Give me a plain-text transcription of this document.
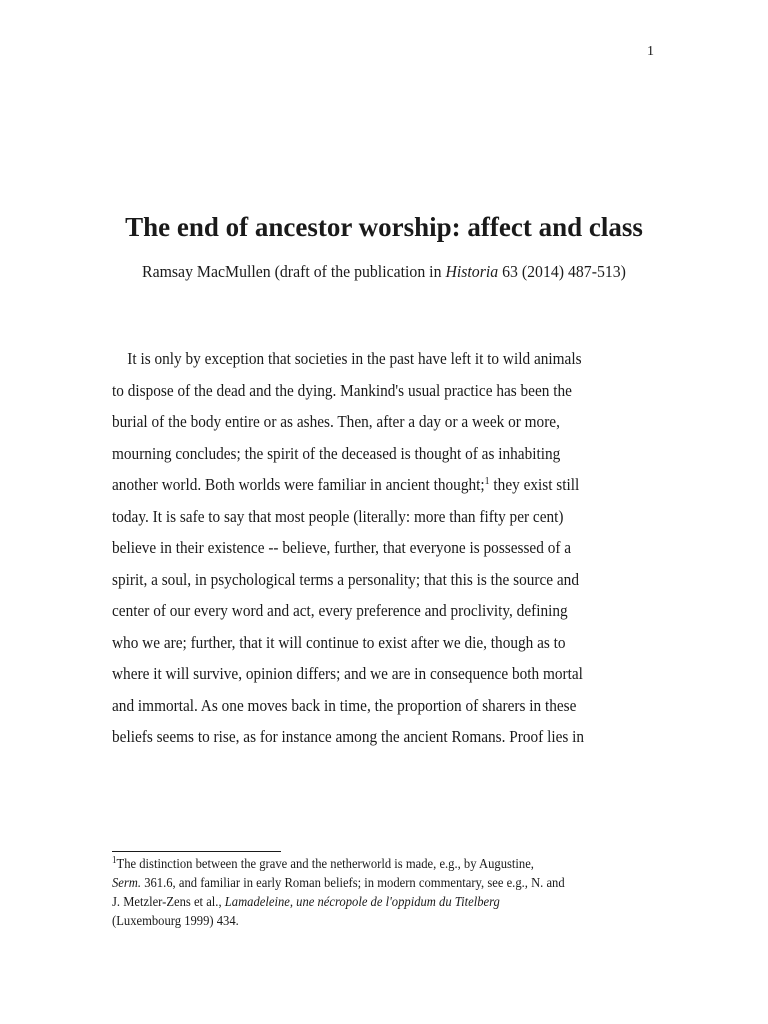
1
The end of ancestor worship: affect and class

Ramsay MacMullen (draft of the publication in Historia 63 (2014) 487-513)

It is only by exception that societies in the past have left it to wild animals
to dispose of the dead and the dying. Mankind's usual practice has been the
burial of the body entire or as ashes. Then, after a day or a week or more,
mourning concludes; the spirit of the deceased is thought of as inhabiting
another world. Both worlds were familiar in ancient thought;$^1$ they exist still
today. It is safe to say that most people (literally: more than fifty per cent)
believe in their existence -- believe, further, that everyone is possessed of a
spirit, a soul, in psychological terms a personality; that this is the source and
center of our every word and act, every preference and proclivity, defining
who we are; further, that it will continue to exist after we die, though as to
where it will survive, opinion differs; and we are in consequence both mortal
and immortal. As one moves back in time, the proportion of sharers in these
beliefs seems to rise, as for instance among the ancient Romans. Proof lies in

$^1$The distinction between the grave and the netherworld is made, e.g., by Augustine,
Serm. 361.6, and familiar in early Roman beliefs; in modern commentary, see e.g., N. and
J. Metzler-Zens et al., Lamadeleine, une nécropole de l'oppidum du Titelberg
(Luxembourg 1999) 434.
